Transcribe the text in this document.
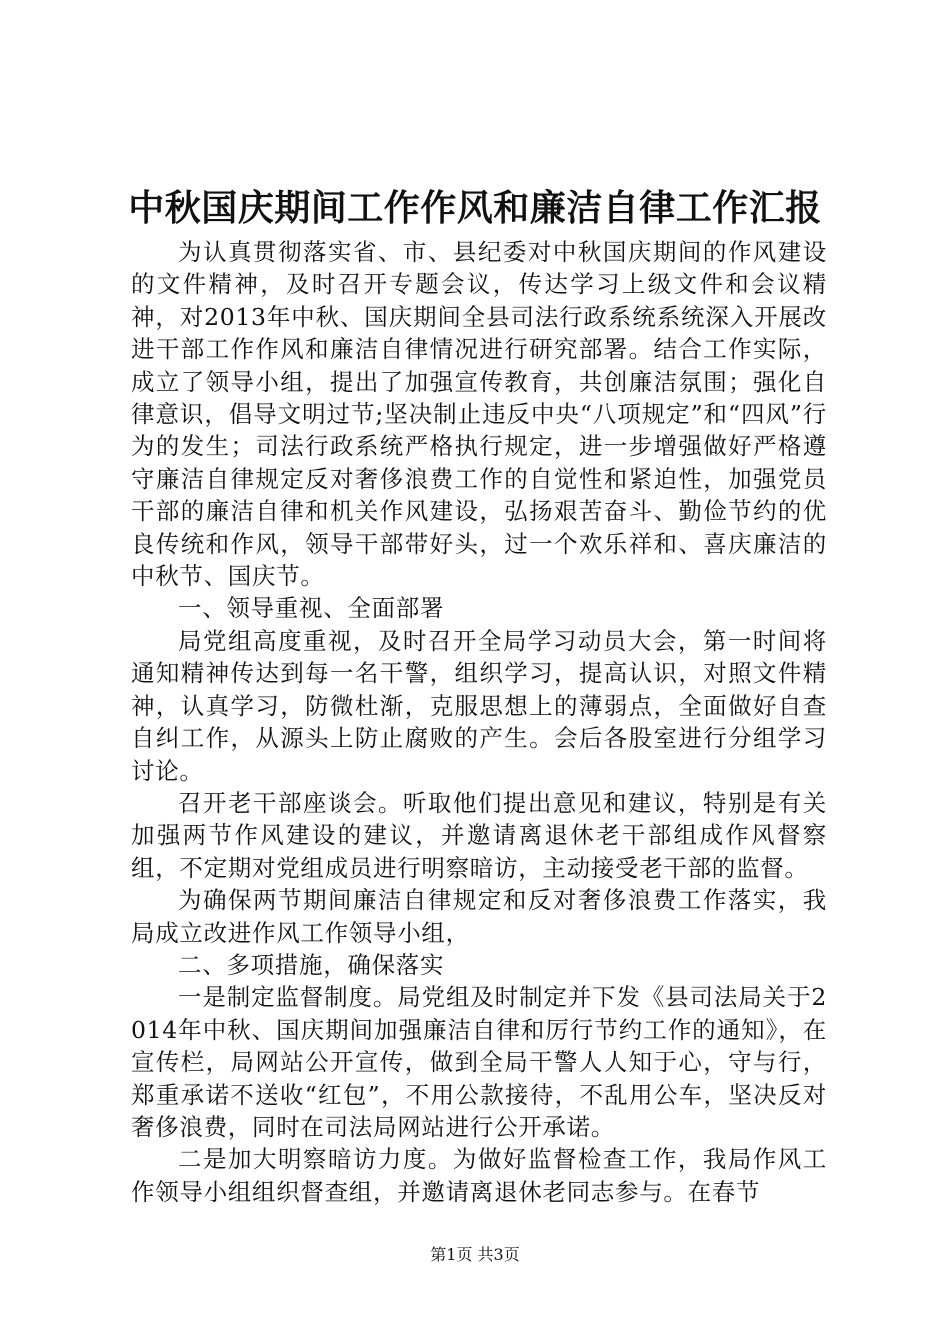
中秋国庆期间工作作风和廉洁自律工作汇报

为认真贯彻落实省、市、县纪委对中秋国庆期间的作风建设的文件精神，及时召开专题会议，传达学习上级文件和会议精神，对2013年中秋、国庆期间全县司法行政系统系统深入开展改进干部工作作风和廉洁自律情况进行研究部署。结合工作实际，成立了领导小组，提出了加强宣传教育，共创廉洁氛围；强化自律意识，倡导文明过节;坚决制止违反中央“八项规定”和“四风”行为的发生；司法行政系统严格执行规定，进一步增强做好严格遵守廉洁自律规定反对奢侈浪费工作的自觉性和紧迫性，加强党员干部的廉洁自律和机关作风建设，弘扬艰苦奋斗、勤俭节约的优良传统和作风，领导干部带好头，过一个欢乐祥和、喜庆廉洁的中秋节、国庆节。

一、领导重视、全面部署

局党组高度重视，及时召开全局学习动员大会，第一时间将通知精神传达到每一名干警，组织学习，提高认识，对照文件精神，认真学习，防微杜渐，克服思想上的薄弱点，全面做好自查自纠工作，从源头上防止腐败的产生。会后各股室进行分组学习讨论。

召开老干部座谈会。听取他们提出意见和建议，特别是有关加强两节作风建设的建议，并邀请离退休老干部组成作风督察组，不定期对党组成员进行明察暗访，主动接受老干部的监督。

为确保两节期间廉洁自律规定和反对奢侈浪费工作落实，我局成立改进作风工作领导小组，

二、多项措施，确保落实

一是制定监督制度。局党组及时制定并下发《县司法局关于2014年中秋、国庆期间加强廉洁自律和厉行节约工作的通知》，在宣传栏，局网站公开宣传，做到全局干警人人知于心，守与行，郑重承诺不送收“红包”，不用公款接待，不乱用公车，坚决反对奢侈浪费，同时在司法局网站进行公开承诺。

二是加大明察暗访力度。为做好监督检查工作，我局作风工作领导小组组织督查组，并邀请离退休老同志参与。在春节

第1页 共3页
